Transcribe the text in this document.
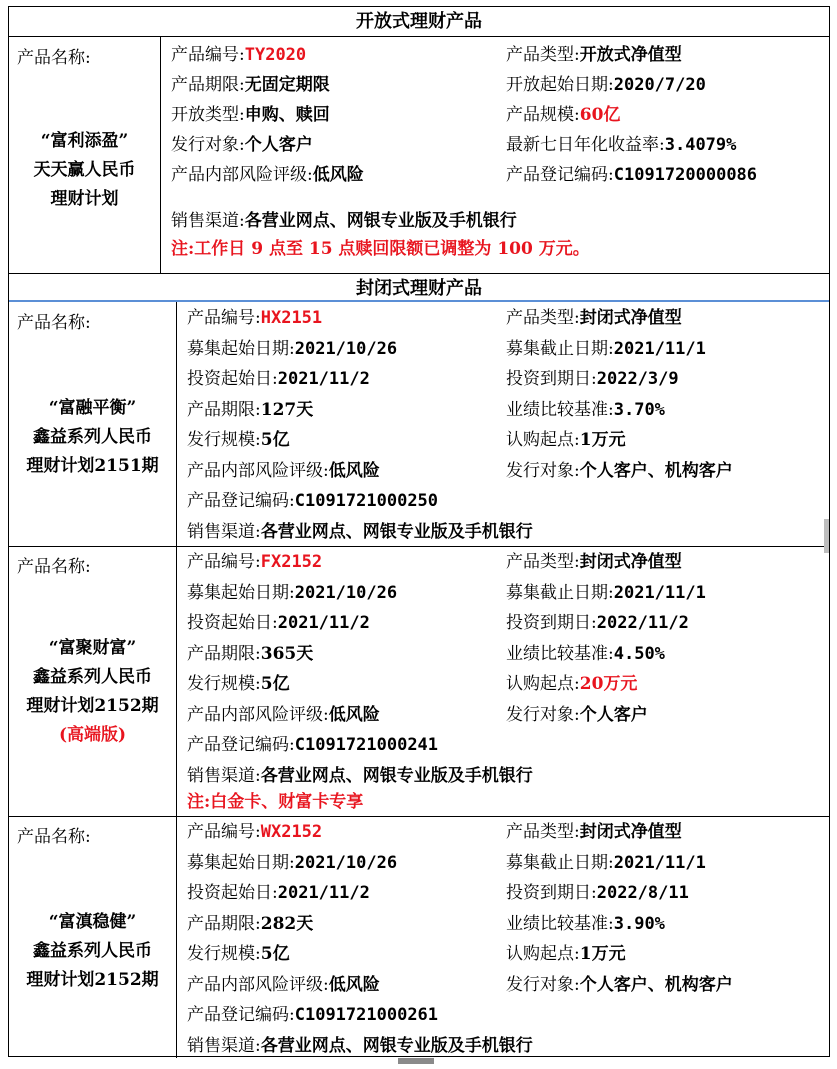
开放式理财产品
产品名称:
“富利添盈”
天天赢人民币
理财计划
产品编号:TY2020	产品类型:开放式净值型
产品期限:无固定期限	开放起始日期:2020/7/20
开放类型:申购、赎回	产品规模:60亿
发行对象:个人客户	最新七日年化收益率:3.4079%
产品内部风险评级:低风险	产品登记编码:C1091720000086
销售渠道:各营业网点、网银专业版及手机银行
注:工作日 9 点至 15 点赎回限额已调整为 100 万元。
封闭式理财产品
产品名称:
“富融平衡”
鑫益系列人民币
理财计划2151期
产品编号:HX2151	产品类型:封闭式净值型
募集起始日期:2021/10/26	募集截止日期:2021/11/1
投资起始日:2021/11/2	投资到期日:2022/3/9
产品期限:127天	业绩比较基准:3.70%
发行规模:5亿	认购起点:1万元
产品内部风险评级:低风险	发行对象:个人客户、机构客户
产品登记编码:C1091721000250
销售渠道:各营业网点、网银专业版及手机银行
产品名称:
“富聚财富”
鑫益系列人民币
理财计划2152期
(高端版)
产品编号:FX2152	产品类型:封闭式净值型
募集起始日期:2021/10/26	募集截止日期:2021/11/1
投资起始日:2021/11/2	投资到期日:2022/11/2
产品期限:365天	业绩比较基准:4.50%
发行规模:5亿	认购起点:20万元
产品内部风险评级:低风险	发行对象:个人客户
产品登记编码:C1091721000241
销售渠道:各营业网点、网银专业版及手机银行
注:白金卡、财富卡专享
产品名称:
“富滇稳健”
鑫益系列人民币
理财计划2152期
产品编号:WX2152	产品类型:封闭式净值型
募集起始日期:2021/10/26	募集截止日期:2021/11/1
投资起始日:2021/11/2	投资到期日:2022/8/11
产品期限:282天	业绩比较基准:3.90%
发行规模:5亿	认购起点:1万元
产品内部风险评级:低风险	发行对象:个人客户、机构客户
产品登记编码:C1091721000261
销售渠道:各营业网点、网银专业版及手机银行
